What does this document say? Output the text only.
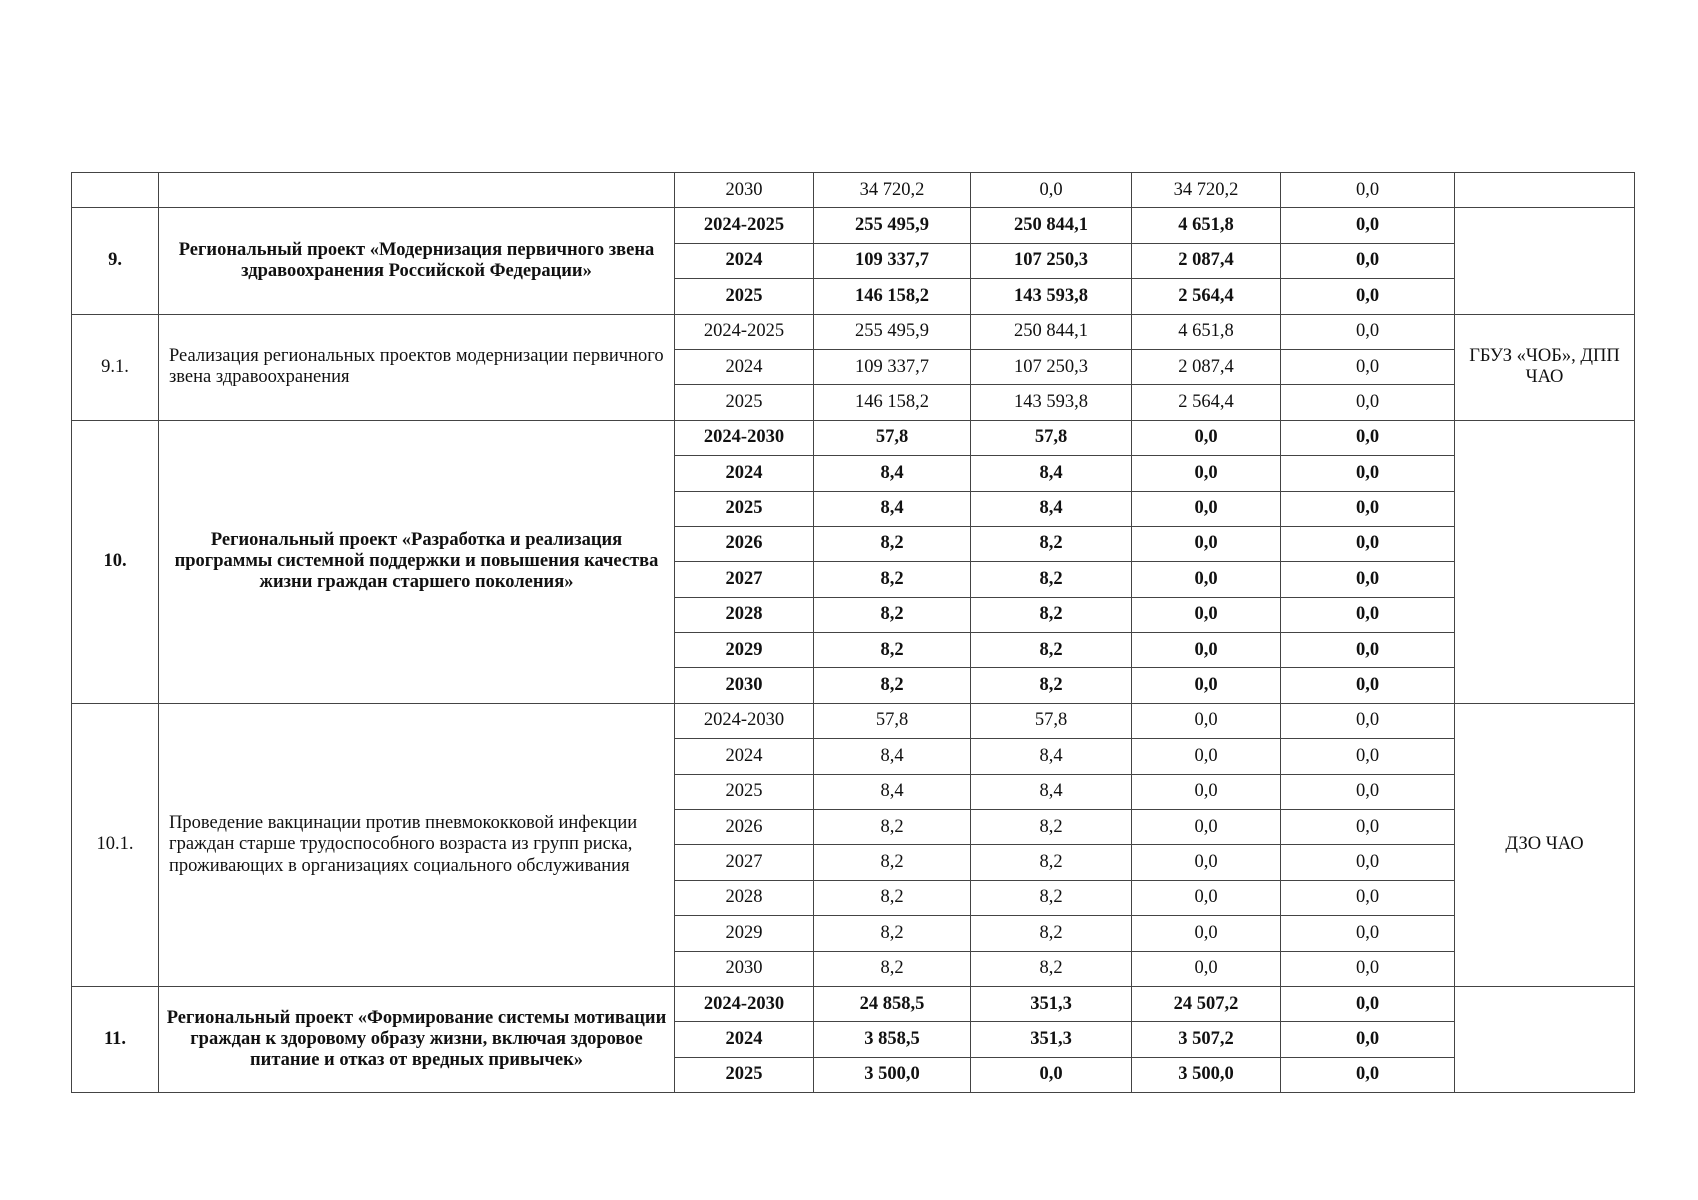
		2030	34 720,2	0,0	34 720,2	0,0	
9.	Региональный проект «Модернизация первичного звена здравоохранения Российской Федерации»	2024-2025	255 495,9	250 844,1	4 651,8	0,0	
		2024	109 337,7	107 250,3	2 087,4	0,0	
		2025	146 158,2	143 593,8	2 564,4	0,0	
9.1.	Реализация региональных проектов модернизации первичного звена здравоохранения	2024-2025	255 495,9	250 844,1	4 651,8	0,0	ГБУЗ «ЧОБ», ДПП ЧАО
		2024	109 337,7	107 250,3	2 087,4	0,0	
		2025	146 158,2	143 593,8	2 564,4	0,0	
10.	Региональный проект «Разработка и реализация программы системной поддержки и повышения качества жизни граждан старшего поколения»	2024-2030	57,8	57,8	0,0	0,0	
		2024	8,4	8,4	0,0	0,0	
		2025	8,4	8,4	0,0	0,0	
		2026	8,2	8,2	0,0	0,0	
		2027	8,2	8,2	0,0	0,0	
		2028	8,2	8,2	0,0	0,0	
		2029	8,2	8,2	0,0	0,0	
		2030	8,2	8,2	0,0	0,0	
10.1.	Проведение вакцинации против пневмококковой инфекции граждан старше трудоспособного возраста из групп риска, проживающих в организациях социального обслуживания	2024-2030	57,8	57,8	0,0	0,0	ДЗО ЧАО
		2024	8,4	8,4	0,0	0,0	
		2025	8,4	8,4	0,0	0,0	
		2026	8,2	8,2	0,0	0,0	
		2027	8,2	8,2	0,0	0,0	
		2028	8,2	8,2	0,0	0,0	
		2029	8,2	8,2	0,0	0,0	
		2030	8,2	8,2	0,0	0,0	
11.	Региональный проект «Формирование системы мотивации граждан к здоровому образу жизни, включая здоровое питание и отказ от вредных привычек»	2024-2030	24 858,5	351,3	24 507,2	0,0	
		2024	3 858,5	351,3	3 507,2	0,0	
		2025	3 500,0	0,0	3 500,0	0,0	
